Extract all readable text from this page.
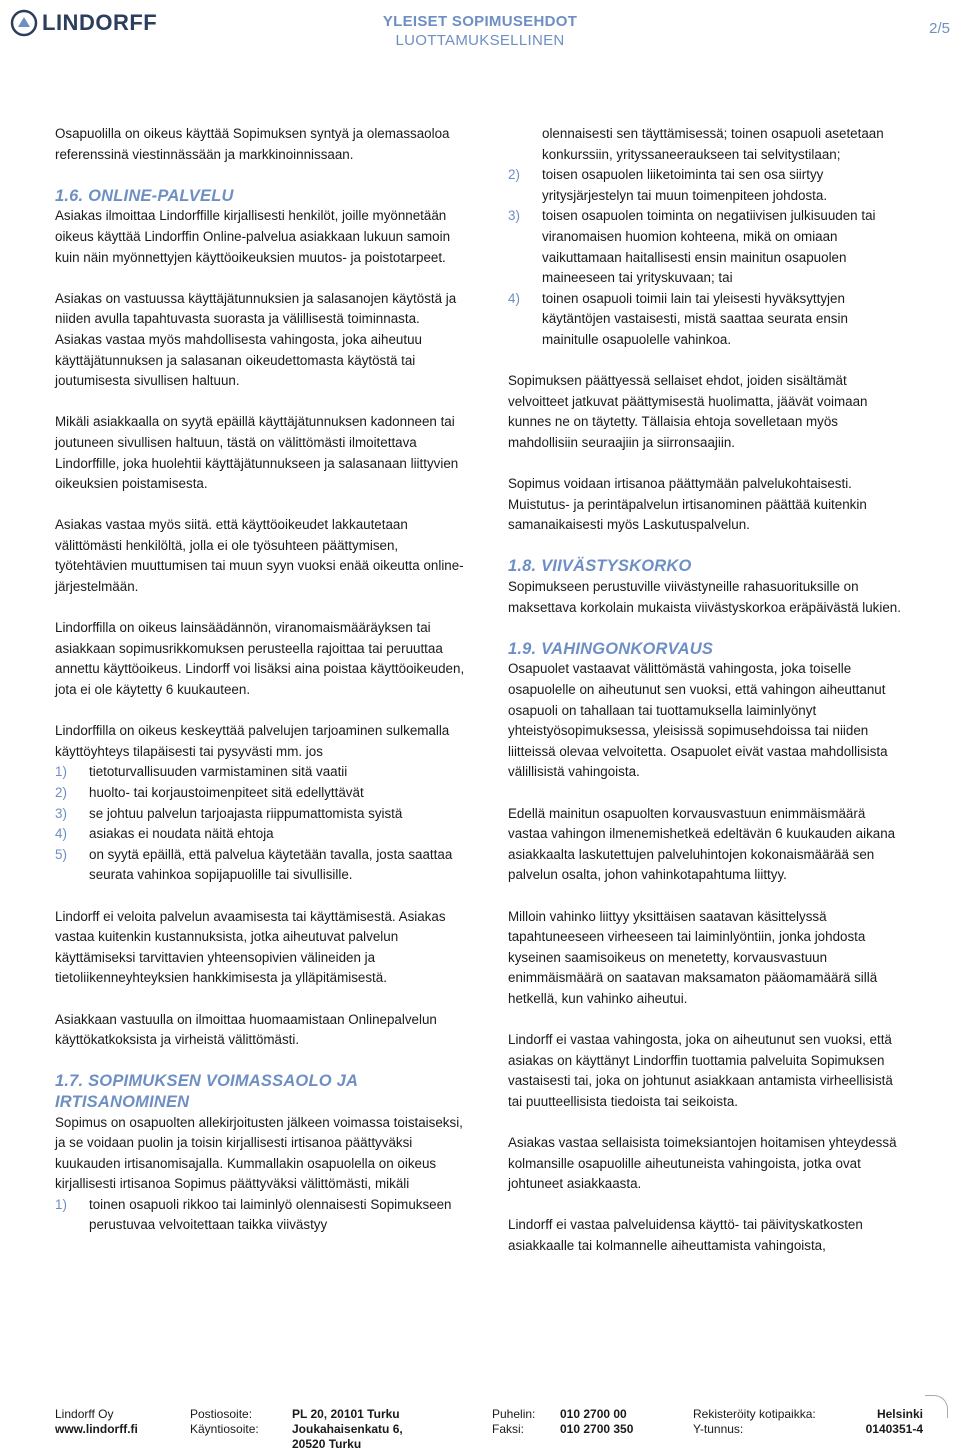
LINDORFF	YLEISET SOPIMUSEHDOT
LUOTTAMUKSELLINEN
2/5

Osapuolilla on oikeus käyttää Sopimuksen syntyä ja olemassaoloa referenssinä viestinnässään ja markkinoinnissaan.

1.6. ONLINE-PALVELU

Asiakas ilmoittaa Lindorffille kirjallisesti henkilöt, joille myönnetään oikeus käyttää Lindorffin Online-palvelua asiakkaan lukuun samoin kuin näin myönnettyjen käyttöoikeuksien muutos- ja poistotarpeet.

Asiakas on vastuussa käyttäjätunnuksien ja salasanojen käytöstä ja niiden avulla tapahtuvasta suorasta ja välillisestä toiminnasta. Asiakas vastaa myös mahdollisesta vahingosta, joka aiheutuu käyttäjätunnuksen ja salasanan oikeudettomasta käytöstä tai joutumisesta sivullisen haltuun.

Mikäli asiakkaalla on syytä epäillä käyttäjätunnuksen kadonneen tai joutuneen sivullisen haltuun, tästä on välittömästi ilmoitettava Lindorffille, joka huolehtii käyttäjätunnukseen ja salasanaan liittyvien oikeuksien poistamisesta.

Asiakas vastaa myös siitä. että käyttöoikeudet lakkautetaan välittömästi henkilöltä, jolla ei ole työsuhteen päättymisen, työtehtävien muuttumisen tai muun syyn vuoksi enää oikeutta online-järjestelmään.

Lindorffilla on oikeus lainsäädännön, viranomaismääräyksen tai asiakkaan sopimusrikkomuksen perusteella rajoittaa tai peruuttaa annettu käyttöoikeus. Lindorff voi lisäksi aina poistaa käyttöoikeuden, jota ei ole käytetty 6 kuukauteen.

Lindorffilla on oikeus keskeyttää palvelujen tarjoaminen sulkemalla käyttöyhteys tilapäisesti tai pysyvästi mm. jos

1) tietoturvallisuuden varmistaminen sitä vaatii
2) huolto- tai korjaustoimenpiteet sitä edellyttävät
3) se johtuu palvelun tarjoajasta riippumattomista syistä
4) asiakas ei noudata näitä ehtoja
5) on syytä epäillä, että palvelua käytetään tavalla, josta saattaa seurata vahinkoa sopijapuolille tai sivullisille.

Lindorff ei veloita palvelun avaamisesta tai käyttämisestä. Asiakas vastaa kuitenkin kustannuksista, jotka aiheutuvat palvelun käyttämiseksi tarvittavien yhteensopivien välineiden ja tietoliikenneyhteyksien hankkimisesta ja ylläpitämisestä.

Asiakkaan vastuulla on ilmoittaa huomaamistaan Onlinepalvelun käyttökatkoksista ja virheistä välittömästi.

1.7. SOPIMUKSEN VOIMASSAOLO JA IRTISANOMINEN

Sopimus on osapuolten allekirjoitusten jälkeen voimassa toistaiseksi, ja se voidaan puolin ja toisin kirjallisesti irtisanoa päättyväksi kuukauden irtisanomisajalla. Kummallakin osapuolella on oikeus kirjallisesti irtisanoa Sopimus päättyväksi välittömästi, mikäli

1) toinen osapuoli rikkoo tai laiminlyö olennaisesti Sopimukseen perustuvaa velvoitettaan taikka viivästyy

olennaisesti sen täyttämisessä; toinen osapuoli asetetaan konkurssiin, yrityssaneeraukseen tai selvitystilaan;

2) toisen osapuolen liiketoiminta tai sen osa siirtyy yritysjärjestelyn tai muun toimenpiteen johdosta.
3) toisen osapuolen toiminta on negatiivisen julkisuuden tai viranomaisen huomion kohteena, mikä on omiaan vaikuttamaan haitallisesti ensin mainitun osapuolen maineeseen tai yrityskuvaan; tai
4) toinen osapuoli toimii lain tai yleisesti hyväksyttyjen käytäntöjen vastaisesti, mistä saattaa seurata ensin mainitulle osapuolelle vahinkoa.

Sopimuksen päättyessä sellaiset ehdot, joiden sisältämät velvoitteet jatkuvat päättymisestä huolimatta, jäävät voimaan kunnes ne on täytetty. Tällaisia ehtoja sovelletaan myös mahdollisiin seuraajiin ja siirronsaajiin.

Sopimus voidaan irtisanoa päättymään palvelukohtaisesti. Muistutus- ja perintäpalvelun irtisanominen päättää kuitenkin samanaikaisesti myös Laskutuspalvelun.

1.8. VIIVÄSTYSKORKO

Sopimukseen perustuville viivästyneille rahasuorituksille on maksettava korkolain mukaista viivästyskorkoa eräpäivästä lukien.

1.9. VAHINGONKORVAUS

Osapuolet vastaavat välittömästä vahingosta, joka toiselle osapuolelle on aiheutunut sen vuoksi, että vahingon aiheuttanut osapuoli on tahallaan tai tuottamuksella laiminlyönyt yhteistyösopimuksessa, yleisissä sopimusehdoissa tai niiden liitteissä olevaa velvoitetta. Osapuolet eivät vastaa mahdollisista välillisistä vahingoista.

Edellä mainitun osapuolten korvausvastuun enimmäismäärä vastaa vahingon ilmenemishetkeä edeltävän 6 kuukauden aikana asiakkaalta laskutettujen palveluhintojen kokonaismäärää sen palvelun osalta, johon vahinkotapahtuma liittyy.

Milloin vahinko liittyy yksittäisen saatavan käsittelyssä tapahtuneeseen virheeseen tai laiminlyöntiin, jonka johdosta kyseinen saamisoikeus on menetetty, korvausvastuun enimmäismäärä on saatavan maksamaton pääomamäärä sillä hetkellä, kun vahinko aiheutui.

Lindorff ei vastaa vahingosta, joka on aiheutunut sen vuoksi, että asiakas on käyttänyt Lindorffin tuottamia palveluita Sopimuksen vastaisesti tai, joka on johtunut asiakkaan antamista virheellisistä tai puutteellisista tiedoista tai seikoista.

Asiakas vastaa sellaisista toimeksiantojen hoitamisen yhteydessä kolmansille osapuolille aiheutuneista vahingoista, jotka ovat johtuneet asiakkaasta.

Lindorff ei vastaa palveluidensa käyttö- tai päivityskatkosten asiakkaalle tai kolmannelle aiheuttamista vahingoista,

Lindorff Oy
www.lindorff.fi
Postiosoite:
Käyntiosoite:
PL 20, 20101 Turku
Joukahaisenkatu 6,
20520 Turku
Puhelin:
Faksi:
010 2700 00
010 2700 350
Rekisteröity kotipaikka:
Y-tunnus:
Helsinki
0140351-4
